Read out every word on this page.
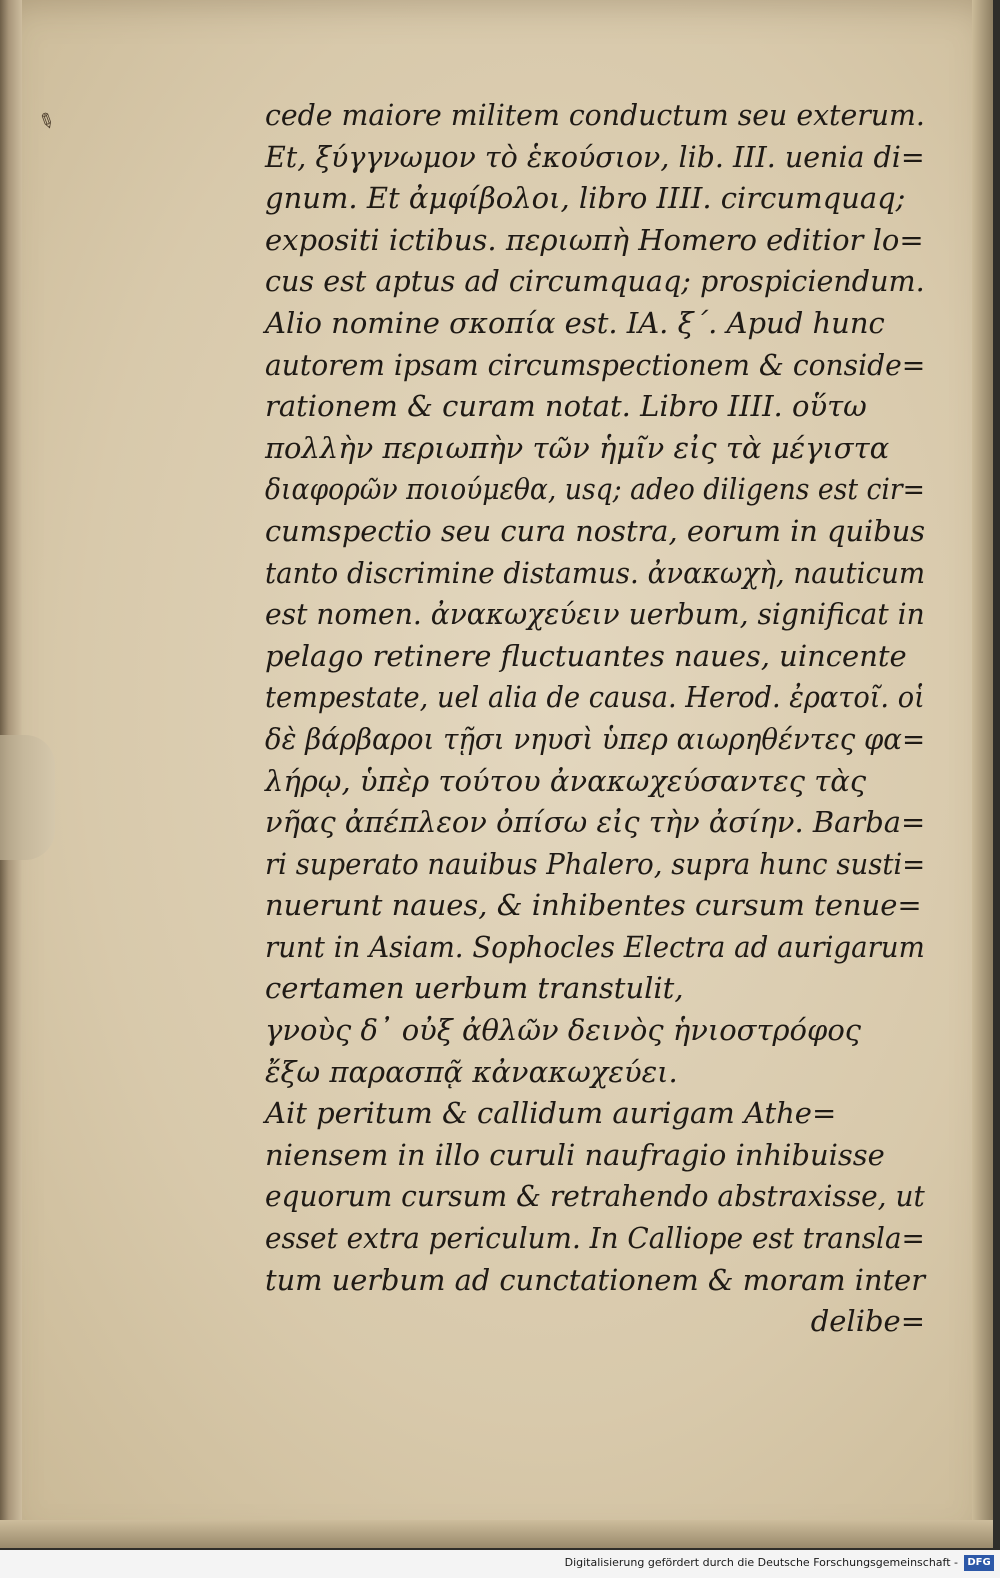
✎	cede maiore militem conductum seu exterum.
Et, ξύγγνωμον τὸ ἑκούσιον, lib. III. uenia di=
gnum. Et ἀμφίβολοι, libro IIII. circumquaq;
expositi ictibus. περιωπὴ Homero editior lo=
cus est aptus ad circumquaq; prospiciendum.
Alio nomine σκοπία est. IA. ξ΄. Apud hunc
autorem ipsam circumspectionem & conside=
rationem & curam notat. Libro IIII. οὕτω
πολλὴν περιωπὴν τῶν ἡμῖν εἰς τὰ μέγιστα
διαφορῶν ποιούμεθα, usq; adeo diligens est cir=
cumspectio seu cura nostra, eorum in quibus
tanto discrimine distamus. ἀνακωχὴ, nauticum
est nomen. ἀνακωχεύειν uerbum, significat in
pelago retinere fluctuantes naues, uincente
tempestate, uel alia de causa. Herod. ἐρατοῖ. οἱ
δὲ βάρβαροι τῇσι νηυσὶ ὑπερ αιωρηθέντες φα=
λήρῳ, ὑπὲρ τούτου ἀνακωχεύσαντες τὰς
νῆας ἀπέπλεον ὀπίσω εἰς τὴν ἀσίην. Barba=
ri superato nauibus Phalero, supra hunc susti=
nuerunt naues, & inhibentes cursum tenue=
runt in Asiam. Sophocles Electra ad aurigarum
certamen uerbum transtulit,
γνοὺς δ᾽ οὐξ ἀθλῶν δεινὸς ἡνιοστρόφος
ἔξω παρασπᾷ κἀνακωχεύει.
Ait peritum & callidum aurigam Athe=
niensem in illo curuli naufragio inhibuisse
equorum cursum & retrahendo abstraxisse, ut
esset extra periculum. In Calliope est transla=
tum uerbum ad cunctationem & moram inter
delibe=
Digitalisierung gefördert durch die Deutsche Forschungsgemeinschaft - DFG
